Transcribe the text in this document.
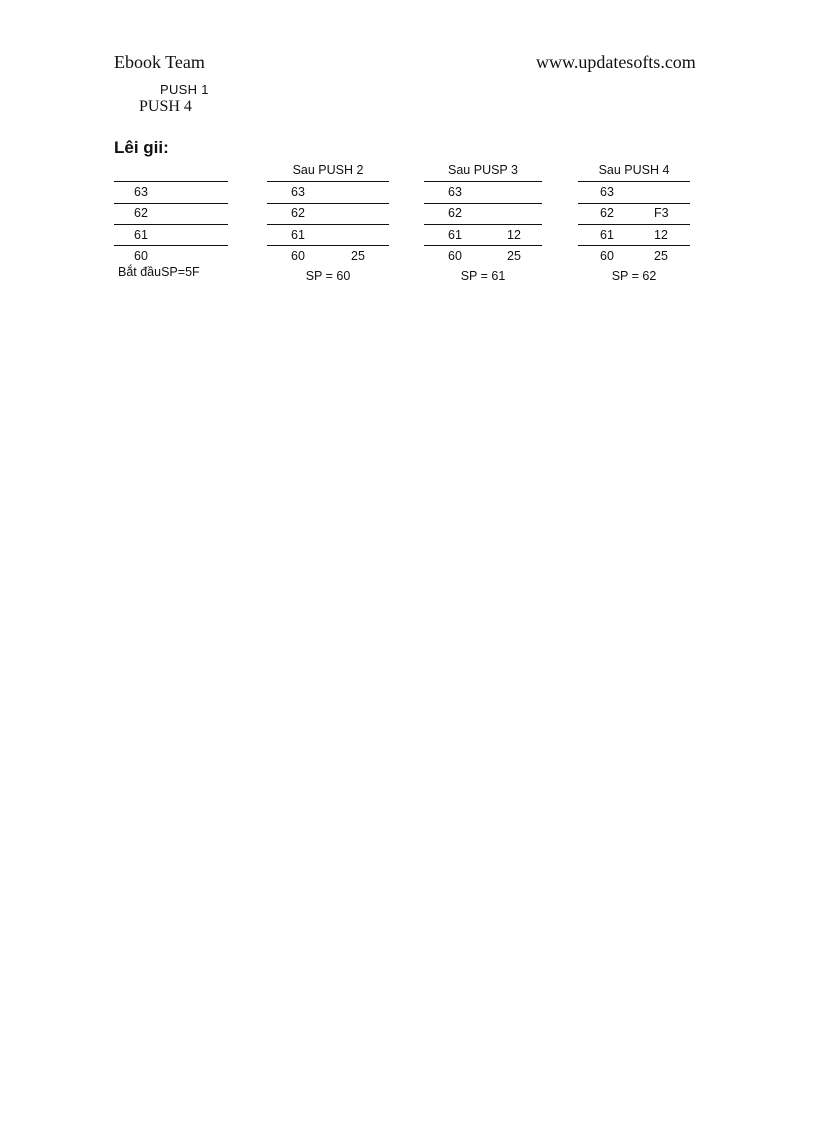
Ebook Team	www.updatesofts.com
PUSH 1
PUSH 4
Lêi gii:
63
62
61
60
Bắt đầuSP=5F
Sau PUSH 2
63
62
61
60	25
SP = 60
Sau PUSP 3
63
62
61	12
60	25
SP = 61
Sau PUSH 4
63
62	F3
61	12
60	25
SP = 62
